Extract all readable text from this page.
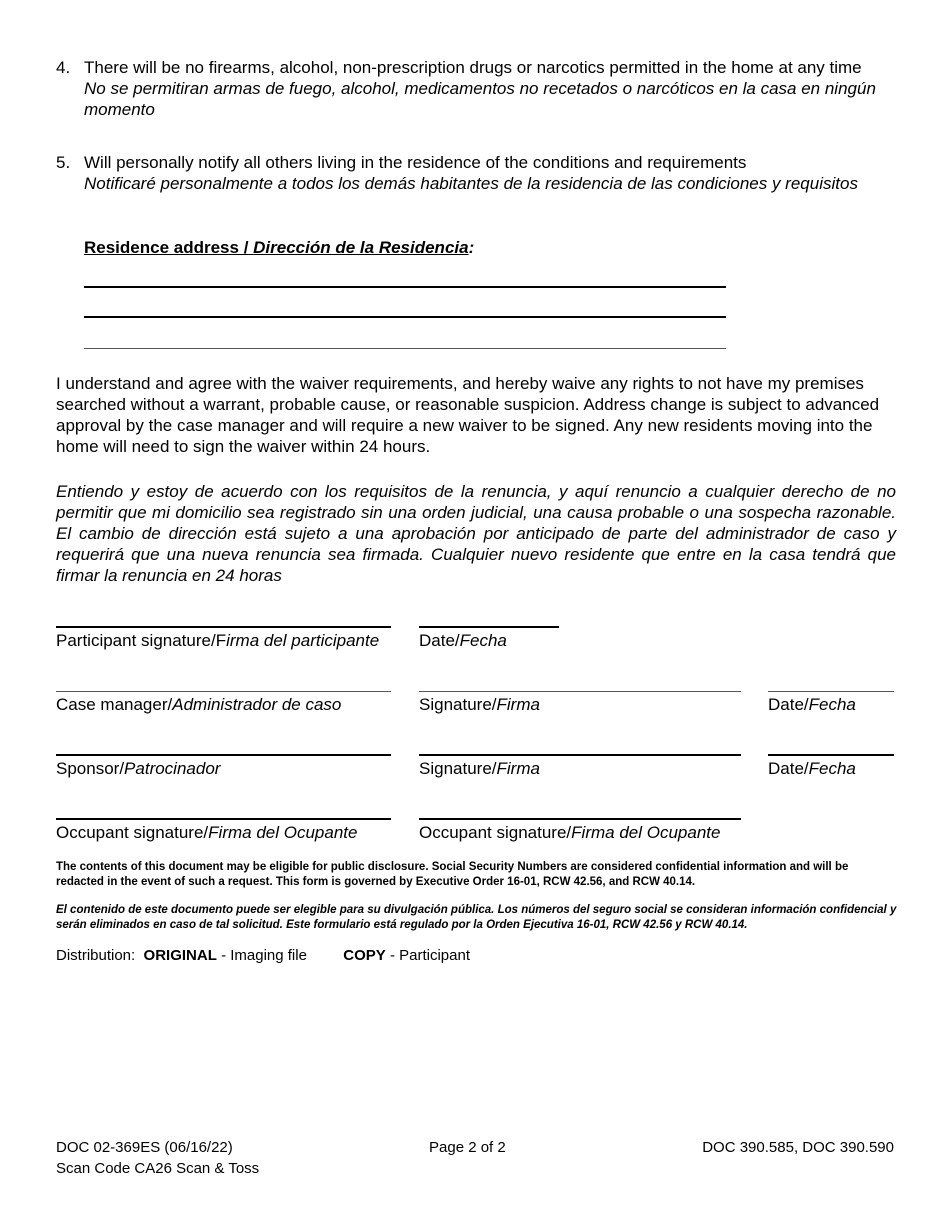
4. There will be no firearms, alcohol, non-prescription drugs or narcotics permitted in the home at any time
No se permitiran armas de fuego, alcohol, medicamentos no recetados o narcóticos en la casa en ningún momento
5. Will personally notify all others living in the residence of the conditions and requirements
Notificaré personalmente a todos los demás habitantes de la residencia de las condiciones y requisitos
Residence address / Dirección de la Residencia:
I understand and agree with the waiver requirements, and hereby waive any rights to not have my premises searched without a warrant, probable cause, or reasonable suspicion. Address change is subject to advanced approval by the case manager and will require a new waiver to be signed. Any new residents moving into the home will need to sign the waiver within 24 hours.
Entiendo y estoy de acuerdo con los requisitos de la renuncia, y aquí renuncio a cualquier derecho de no permitir que mi domicilio sea registrado sin una orden judicial, una causa probable o una sospecha razonable. El cambio de dirección está sujeto a una aprobación por anticipado de parte del administrador de caso y requerirá que una nueva renuncia sea firmada. Cualquier nuevo residente que entre en la casa tendrá que firmar la renuncia en 24 horas
Participant signature/Firma del participante Date/Fecha
Case manager/Administrador de caso	Signature/Firma	Date/Fecha
Sponsor/Patrocinador	Signature/Firma	Date/Fecha
Occupant signature/Firma del Ocupante	Occupant signature/Firma del Ocupante
The contents of this document may be eligible for public disclosure. Social Security Numbers are considered confidential information and will be redacted in the event of such a request. This form is governed by Executive Order 16-01, RCW 42.56, and RCW 40.14.
El contenido de este documento puede ser elegible para su divulgación pública. Los números del seguro social se consideran información confidencial y serán eliminados en caso de tal solicitud. Este formulario está regulado por la Orden Ejecutiva 16-01, RCW 42.56 y RCW 40.14.
Distribution: ORIGINAL - Imaging file COPY - Participant
DOC 02-369ES (06/16/22)
Scan Code CA26 Scan & Toss
Page 2 of 2	DOC 390.585, DOC 390.590
